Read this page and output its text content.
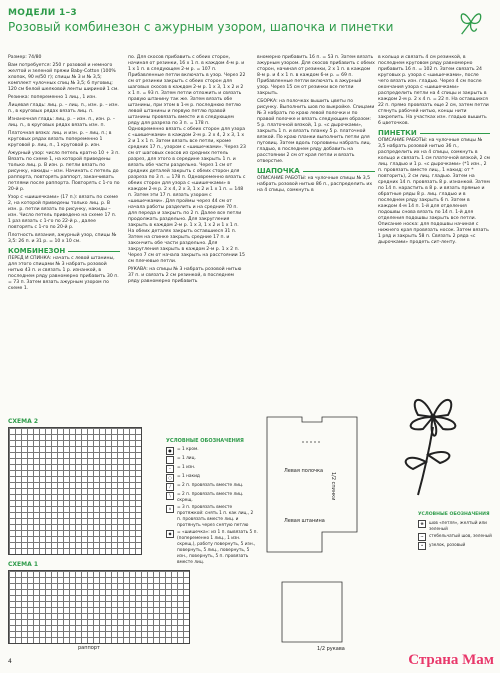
МОДЕЛИ 1–3
Розовый комбинезон с ажурным узором, шапочка и пинетки

Размер: 74/80

Вам потребуется: 250 г розовой и немного желтой и зеленой пряжи Baby-Cotton (100% хлопок, 90 м/50 г); спицы № 3 и № 3,5; комплект чулочных спиц № 3,5; 6 пуговиц; 120 см белой шелковой ленты шириной 1 см.

Резинка: попеременно 1 лиц., 1 изн.

Лицевая гладь: лиц. р. – лиц. п., изн. р. – изн. п., в круговых рядах вязать лиц. п.

Изнаночная гладь: лиц. р. – изн. п., изн. р. – лиц. п., в круговых рядах вязать изн. п.

Платочная вязка: лиц. и изн. р. – лиц. п.; в круговых рядах вязать попеременно 1 круговой р. лиц. п., 1 круговой р. изн.

Ажурный узор: число петель кратно 10 + 3 п. Вязать по схеме 1, на которой приведены только лиц. р. В изн. р. петли вязать по рисунку, накиды – изн. Начинать с петель до раппорта, повторять раппорт, заканчивать петлями после раппорта. Повторять с 1-го по 20-й р.

Узор с «шишечками» (17 п.): вязать по схеме 2, на которой приведены только лиц. р. В изн. р. петли вязать по рисунку, накиды – изн. Число петель приведено на схеме 17 п. 1 раз вязать с 1-го по 22-й р., далее повторять с 1-го по 20-й р.

Плотность вязания, ажурный узор, спицы № 3,5: 26 п. и 31 р. = 10 х 10 см.

КОМБИНЕЗОН

ПЕРЕД И СПИНКА: начать с левой штанины, для этого спицами № 3 набрать розовой нитью 43 п. и связать 1 р. изнанкой, в последнем ряду равномерно прибавить 30 п. = 73 п. Затем вязать ажурным узором по схеме 1.

по. Для скосов прибавить с обеих сторон, начиная от резинки, 16 x 1 п. в каждом 4-м р. и 1 x 1 п. в следующем 2-м р. = 107 п. Прибавленные петли включать в узор. Через 22 см от резинки закрыть с обеих сторон для шаговых скосов в каждом 2-м р. 1 x 3, 1 x 2 и 2 x 1 п. = 93 п. Затем петли отложить и связать правую штанину так же. Затем вязать обе штанины, при этом в 1-м р. последнюю петлю левой штанины и первую петлю правой штанины провязать вместе и в следующем ряду для разреза по 3 п. = 178 п. Одновременно вязать с обеих сторон для узора с «шишечками» в каждом 2-м р. 2 x 4, 2 x 3, 1 x 2 и 1 x 1 п. Затем вязать все петли, кроме средних 17 п., узором с «шишечками». Через 23 см от шаговых скосов из средних петель разрез, для этого в середине закрыть 1 п. и вязать обе части раздельно. Через 1 см от средних деталей закрыть с обеих сторон для разреза по 3 п. = 178 п. Одновременно вязать с обеих сторон для узора с «шишечками» в каждом 2-м р. 2 x 4, 2 x 3, 1 x 2 и 1 x 1 п. = 148 п. Затем эти 17 п. вязать узором с «шишечками». Для проймы через 44 см от начала работы разделить и на средние 70 п. для переда и закрыть по 2 п. Далее все петли продолжать раздельно. Для закругления закрыть в каждом 2-м р. 1 x 3, 1 x 2 и 1 x 1 п. На обеих деталях закрыть оставшиеся 31 п. Затем на спинке закрыть средние 17 п. и закончить обе части раздельно. Для закругления закрыть в каждом 2-м р. 1 x 2 п. Через 7 см от начала закрыть на расстоянии 15 см плечевые петли.

РУКАВА: на спицы № 3 набрать розовой нитью 37 п. и связать 2 см резинкой, в последнем ряду равномерно прибавить

вномерно прибавить 16 п. = 53 п. Затем вязать ажурным узором. Для скосов прибавить с обеих сторон, начиная от резинки, 2 x 1 п. в каждом 8-м р. и 4 x 1 п. в каждом 6-м р. = 69 п. Прибавленные петли включать в ажурный узор. Через 15 см от резинки все петли закрыть.

СБОРКА: на полочках вышить цветы по рисунку. Выполнить шов по выкройке. Спицами № 3 набрать по краю левой полочки и по правой полочке и вязать следующим образом: 5 р. платочной вязкой, 1 р. «с дырочками», закрыть 1 п. и вязать планку 5 р. платочной вязкой. По краю планки выполнить петли для пуговиц. Затем вдоль горловины набрать лиц. гладью, в последнем ряду добавить на расстоянии 2 см от края петли и вязать отверстие.

ШАПОЧКА

ОПИСАНИЕ РАБОТЫ: на чулочные спицы № 3,5 набрать розовой нитью 86 п., распределить их на 4 спицы, сомкнуть в

в кольцо и связать 4 см резинкой, в последнем круговом ряду равномерно прибавить 16 п. = 102 п. Затем связать 24 круговых р. узора с «шишечками», после чего вязать изн. гладью. Через 4 см после окончания узора с «шишечками» распределить петли на 4 спицы и закрыть в каждом 2-м р. 2 x 4 п. = 22 п. На оставшихся 22 п. прямо провязать еще 2 см, затем петли стянуть рабочей нитью, концы нити закрепить. На участках изн. гладью вышить 6 цветочков.

ПИНЕТКИ

ОПИСАНИЕ РАБОТЫ: на чулочные спицы № 3,5 набрать розовой нитью 36 п., распределить их на 4 спицы, сомкнуть в кольцо и связать 1 см платочной вязкой, 2 см лиц. гладью и 1 р. «с дырочками» (*1 изн., 2 п. провязать вместе лиц., 1 накид; от * повторить), 2 см лиц. гладью. Затем на средних 14 п. провязать 8 р. изнанкой. Затем по 14 п. нарастить в 8 р. и вязать прямые и обратные ряды 8 р. лиц. гладью и в последнем ряду закрыть 6 п. Затем в каждом 4-м 14 п. 1-й для отделения подошвы снова вязать по 14 п. 1-й для отделения подошвы закрыть все петли. Описание носка: для подошвы начиная с нижнего края провязать носок. Затем вязать 1 ряд и закрыть 58 п. Связать 2 ряда «с дырочками» продеть сит-ленту.

СХЕМА 2
СХЕМА 1
раппорт
УСЛОВНЫЕ ОБОЗНАЧЕНИЯ
●	= 1 кром.
= 1 лиц.
–	= 1 изн.
○	= 1 накид
/	= 2 п. провязать вместе лиц.
\	= 2 п. провязать вместе лиц. скрещ.
∧	= 3 п. провязать вместе протяжкой: снять 1 п. как лиц., 2 п. провязать вместе лиц. и протянуть через снятую петлю
◆	= «шишечка»: из 1 п. вывязать 5 п. (попеременно 1 лиц., 1 изн. скрещ.), работу повернуть, 5 изн., повернуть, 5 лиц., повернуть, 5 изн., повернуть, 5 п. провязать вместе лиц.
Левая полочка
1/2 спинки
Левая штанина
1/2 рукава
УСЛОВНЫЕ ОБОЗНАЧЕНИЯ
❀	шов «петля», желтый или зеленый
~	стебельчатый шов, зеленый
•	узелок, розовый
4	Страна Мам
